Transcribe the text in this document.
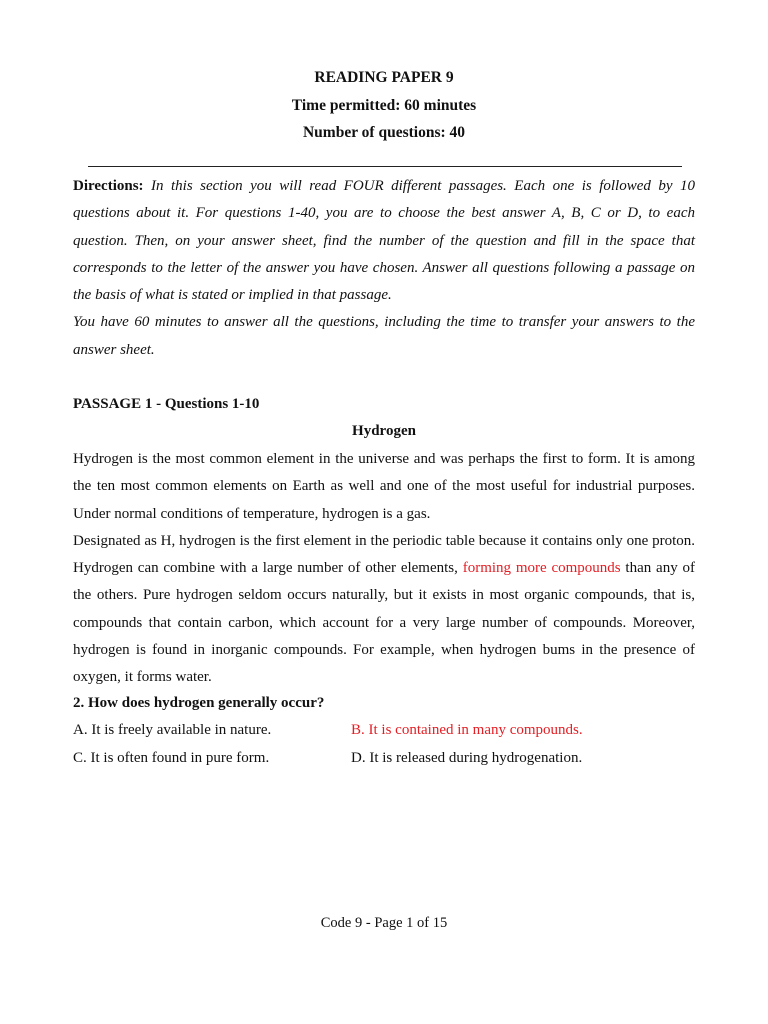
READING PAPER 9
Time permitted: 60 minutes
Number of questions: 40
Directions: In this section you will read FOUR different passages. Each one is followed by 10 questions about it. For questions 1-40, you are to choose the best answer A, B, C or D, to each question. Then, on your answer sheet, find the number of the question and fill in the space that corresponds to the letter of the answer you have chosen. Answer all questions following a passage on the basis of what is stated or implied in that passage.
You have 60 minutes to answer all the questions, including the time to transfer your answers to the answer sheet.
PASSAGE 1 - Questions 1-10
Hydrogen
Hydrogen is the most common element in the universe and was perhaps the first to form. It is among the ten most common elements on Earth as well and one of the most useful for industrial purposes. Under normal conditions of temperature, hydrogen is a gas.
Designated as H, hydrogen is the first element in the periodic table because it contains only one proton. Hydrogen can combine with a large number of other elements, forming more compounds than any of the others. Pure hydrogen seldom occurs naturally, but it exists in most organic compounds, that is, compounds that contain carbon, which account for a very large number of compounds. Moreover, hydrogen is found in inorganic compounds. For example, when hydrogen bums in the presence of oxygen, it forms water.
2. How does hydrogen generally occur?
A. It is freely available in nature.	B. It is contained in many compounds.
C. It is often found in pure form.	D. It is released during hydrogenation.
Code 9 - Page 1 of 15
